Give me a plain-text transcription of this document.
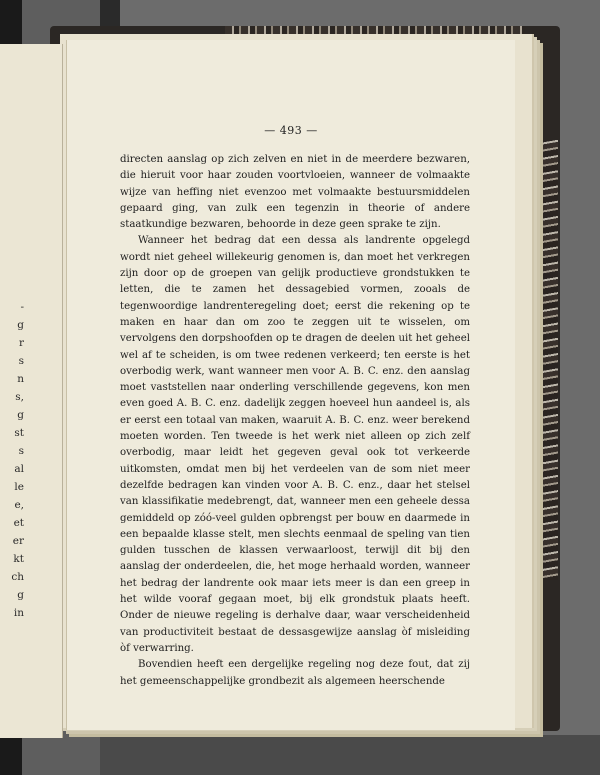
-
g
r
s
n
s,
g
st
s
al
le
e,
et
er
kt
ch
g
in
— 493 —

directen aanslag op zich zelven en niet in de meerdere bezwaren, die hieruit voor haar zouden voortvloeien, wanneer de volmaakte wijze van heffing niet evenzoo met volmaakte bestuursmiddelen gepaard ging, van zulk een tegenzin in theorie of andere staatkundige bezwaren, behoorde in deze geen sprake te zijn.

Wanneer het bedrag dat een dessa als landrente opgelegd wordt niet geheel willekeurig genomen is, dan moet het verkregen zijn door op de groepen van gelijk productieve grondstukken te letten, die te zamen het dessagebied vormen, zooals de tegenwoordige landrenteregeling doet; eerst die rekening op te maken en haar dan om zoo te zeggen uit te wisselen, om vervolgens den dorpshoofden op te dragen de deelen uit het geheel wel af te scheiden, is om twee redenen verkeerd; ten eerste is het overbodig werk, want wanneer men voor A. B. C. enz. den aanslag moet vaststellen naar onderling verschillende gegevens, kon men even goed A. B. C. enz. dadelijk zeggen hoeveel hun aandeel is, als er eerst een totaal van maken, waaruit A. B. C. enz. weer berekend moeten worden. Ten tweede is het werk niet alleen op zich zelf overbodig, maar leidt het gegeven geval ook tot verkeerde uitkomsten, omdat men bij het verdeelen van de som niet meer dezelfde bedragen kan vinden voor A. B. C. enz., daar het stelsel van klassifikatie medebrengt, dat, wanneer men een geheele dessa gemiddeld op zóó-veel gulden opbrengst per bouw en daarmede in een bepaalde klasse stelt, men slechts eenmaal de speling van tien gulden tusschen de klassen verwaarloost, terwijl dit bij den aanslag der onderdeelen, die, het moge herhaald worden, wanneer het bedrag der landrente ook maar iets meer is dan een greep in het wilde vooraf gegaan moet, bij elk grondstuk plaats heeft. Onder de nieuwe regeling is derhalve daar, waar verscheidenheid van productiviteit bestaat de dessasgewijze aanslag òf misleiding òf verwarring.

Bovendien heeft een dergelijke regeling nog deze fout, dat zij het gemeenschappelijke grondbezit als algemeen heerschende
